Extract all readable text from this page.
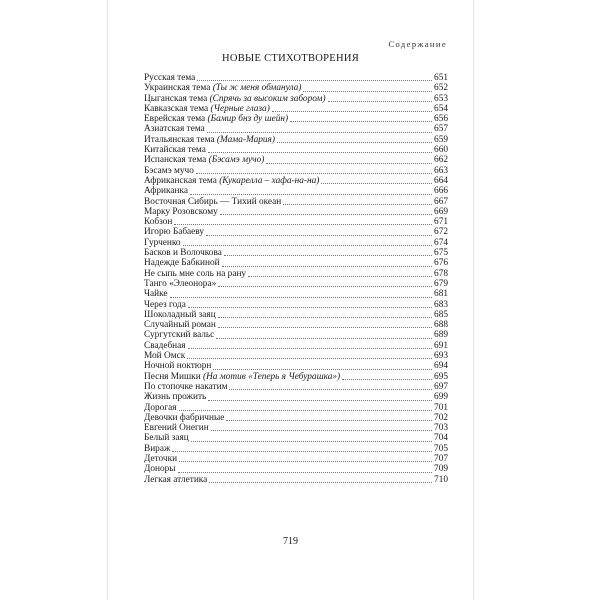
Содержание
НОВЫЕ СТИХОТВОРЕНИЯ
Русская тема	651
Украинская тема (Ты ж меня обманула)	652
Цыганская тема (Спрячь за высоким забором)	653
Кавказская тема (Черные глаза)	654
Еврейская тема (Бамир бнз ду шейн)	656
Азиатская тема	657
Итальянская тема (Мама-Мария)	659
Китайская тема	660
Испанская тема (Бэсамэ мучо)	662
Бэсамэ мучо	663
Африканская тема (Кукарелла – хафа-на-на)	664
Африканка	666
Восточная Сибирь — Тихий океан	667
Марку Розовскому	669
Кобзон	671
Игорю Бабаеву	672
Гурченко	674
Басков и Волочкова	675
Надежде Бабкиной	676
Не сыпь мне соль на рану	678
Танго «Элеонора»	679
Чайке	681
Через года	683
Шоколадный заяц	685
Случайный роман	688
Сургутский вальс	689
Свадебная	691
Мой Омск	693
Ночной ноктюрн	694
Песня Мишки (На мотив «Теперь я Чебурашка»)	695
По стопочке накатим	697
Жизнь прожить	699
Дорогая	701
Девочки фабричные	702
Евгений Онегин	703
Белый заяц	704
Вираж	705
Деточки	707
Доноры	709
Легкая атлетика	710
719
